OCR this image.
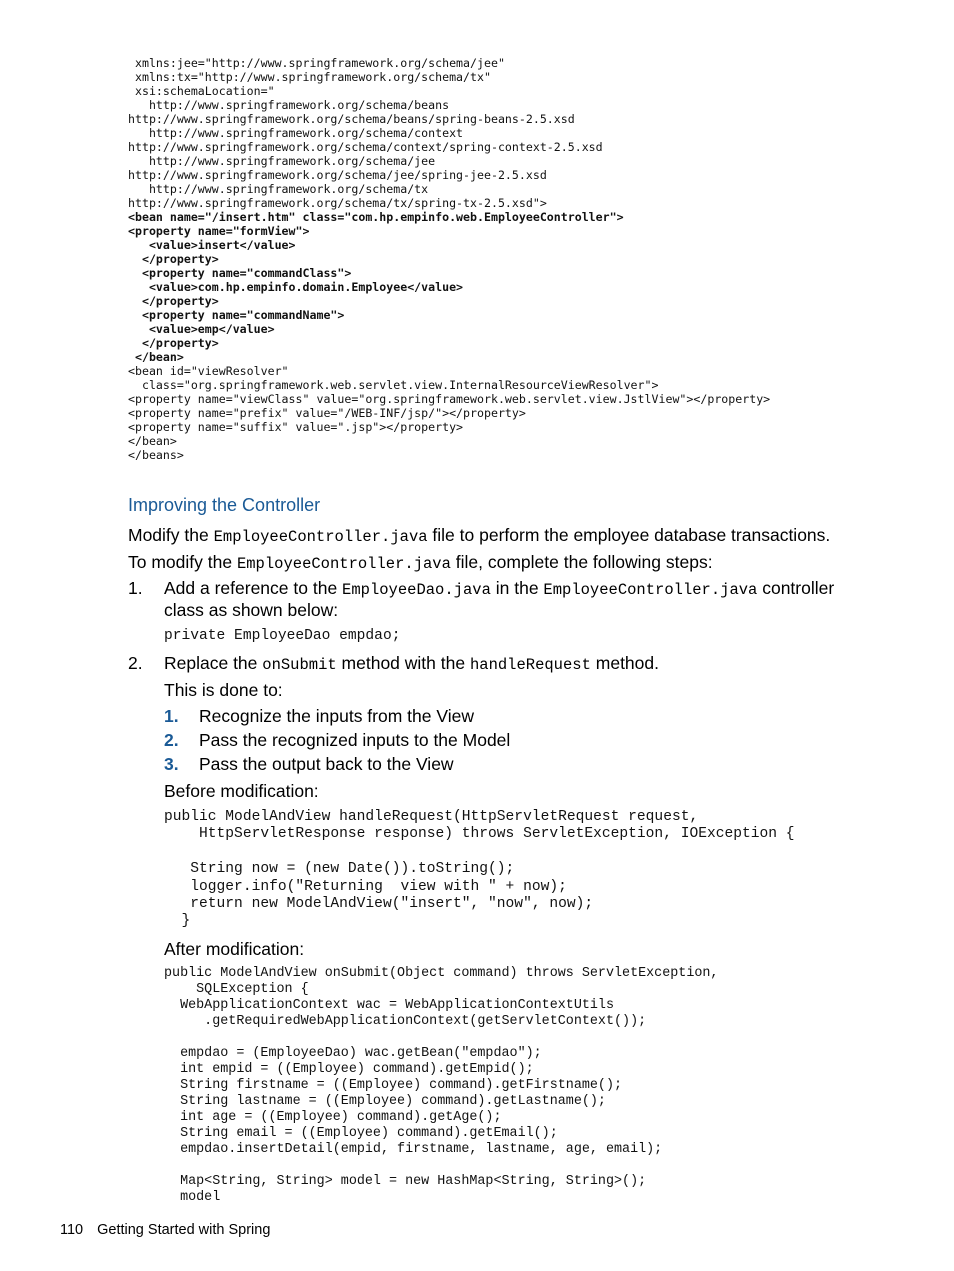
xmlns:jee="http://www.springframework.org/schema/jee"
xmlns:tx="http://www.springframework.org/schema/tx"
xsi:schemaLocation="
http://www.springframework.org/schema/beans
http://www.springframework.org/schema/beans/spring-beans-2.5.xsd
http://www.springframework.org/schema/context
http://www.springframework.org/schema/context/spring-context-2.5.xsd
http://www.springframework.org/schema/jee
http://www.springframework.org/schema/jee/spring-jee-2.5.xsd
http://www.springframework.org/schema/tx
http://www.springframework.org/schema/tx/spring-tx-2.5.xsd">
<bean name="/insert.htm" class="com.hp.empinfo.web.EmployeeController">
<property name="formView">
<value>insert</value>
</property>
<property name="commandClass">
<value>com.hp.empinfo.domain.Employee</value>
</property>
<property name="commandName">
<value>emp</value>
</property>
</bean>
<bean id="viewResolver"
class="org.springframework.web.servlet.view.InternalResourceViewResolver">
<property name="viewClass" value="org.springframework.web.servlet.view.JstlView"></property>
<property name="prefix" value="/WEB-INF/jsp/"></property>
<property name="suffix" value=".jsp"></property>
</bean>
</beans>
Improving the Controller

Modify the EmployeeController.java file to perform the employee database transactions.

To modify the EmployeeController.java file, complete the following steps:

1. Add a reference to the EmployeeDao.java in the EmployeeController.java controller

class as shown below:

private EmployeeDao empdao;
2. Replace the onSubmit method with the handleRequest method.

This is done to:

1. Recognize the inputs from the View

2. Pass the recognized inputs to the Model

3. Pass the output back to the View

Before modification:

public ModelAndView handleRequest(HttpServletRequest request,
HttpServletResponse response) throws ServletException, IOException {

String now = (new Date()).toString();
logger.info("Returning  view with " + now);
return new ModelAndView("insert", "now", now);
}

After modification:

public ModelAndView onSubmit(Object command) throws ServletException,
SQLException {
WebApplicationContext wac = WebApplicationContextUtils
.getRequiredWebApplicationContext(getServletContext());

empdao = (EmployeeDao) wac.getBean("empdao");
int empid = ((Employee) command).getEmpid();
String firstname = ((Employee) command).getFirstname();
String lastname = ((Employee) command).getLastname();
int age = ((Employee) command).getAge();
String email = ((Employee) command).getEmail();
empdao.insertDetail(empid, firstname, lastname, age, email);

Map<String, String> model = new HashMap<String, String>();
model
110 Getting Started with Spring
